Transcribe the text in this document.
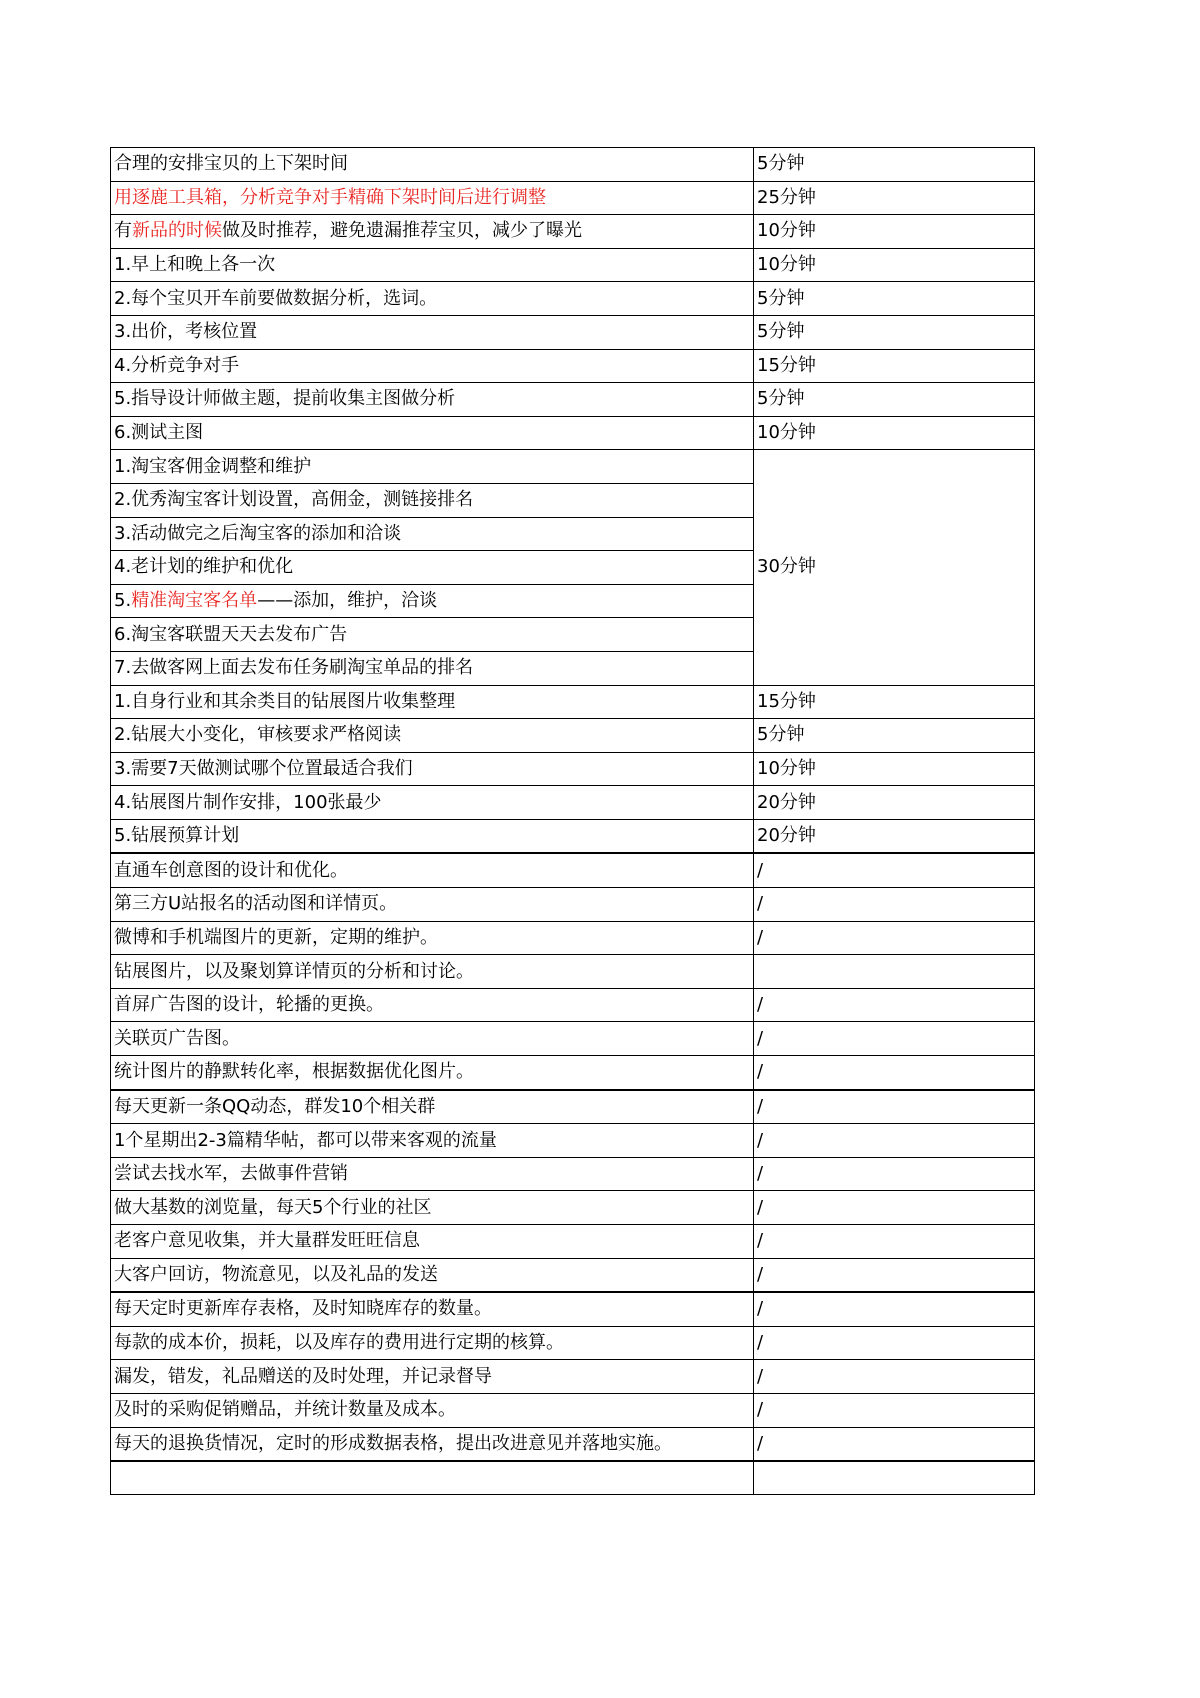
合理的安排宝贝的上下架时间	5分钟
用逐鹿工具箱，分析竞争对手精确下架时间后进行调整	25分钟
有新品的时候做及时推荐，避免遗漏推荐宝贝，减少了曝光	10分钟
1.早上和晚上各一次	10分钟
2.每个宝贝开车前要做数据分析，选词。	5分钟
3.出价，考核位置	5分钟
4.分析竞争对手	15分钟
5.指导设计师做主题，提前收集主图做分析	5分钟
6.测试主图	10分钟
1.淘宝客佣金调整和维护	30分钟
2.优秀淘宝客计划设置，高佣金，测链接排名	
3.活动做完之后淘宝客的添加和洽谈	
4.老计划的维护和优化	
5.精准淘宝客名单——添加，维护，洽谈	
6.淘宝客联盟天天去发布广告	
7.去做客网上面去发布任务刷淘宝单品的排名	
1.自身行业和其余类目的钻展图片收集整理	15分钟
2.钻展大小变化，审核要求严格阅读	5分钟
3.需要7天做测试哪个位置最适合我们	10分钟
4.钻展图片制作安排，100张最少	20分钟
5.钻展预算计划	20分钟
直通车创意图的设计和优化。	/
第三方U站报名的活动图和详情页。	/
微博和手机端图片的更新，定期的维护。	/
钻展图片，以及聚划算详情页的分析和讨论。	
首屏广告图的设计，轮播的更换。	/
关联页广告图。	/
统计图片的静默转化率，根据数据优化图片。	/
每天更新一条QQ动态，群发10个相关群	/
1个星期出2-3篇精华帖，都可以带来客观的流量	/
尝试去找水军，去做事件营销	/
做大基数的浏览量，每天5个行业的社区	/
老客户意见收集，并大量群发旺旺信息	/
大客户回访，物流意见，以及礼品的发送	/
每天定时更新库存表格，及时知晓库存的数量。	/
每款的成本价，损耗，以及库存的费用进行定期的核算。	/
漏发，错发，礼品赠送的及时处理，并记录督导	/
及时的采购促销赠品，并统计数量及成本。	/
每天的退换货情况，定时的形成数据表格，提出改进意见并落地实施。	/
